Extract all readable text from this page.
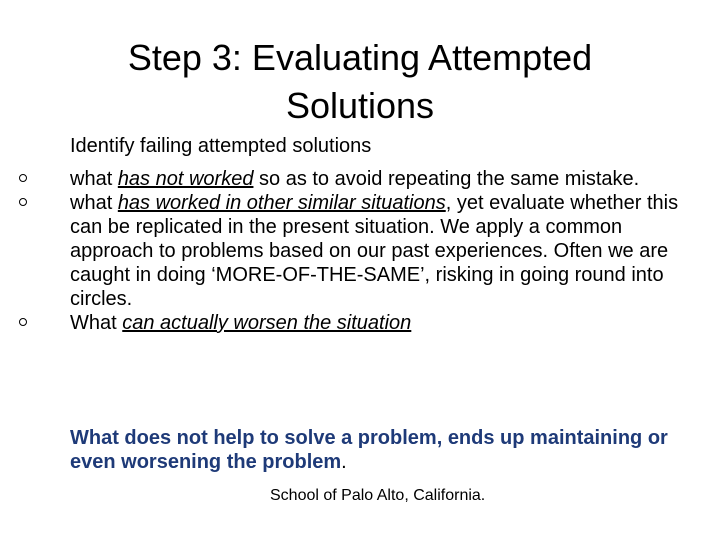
Step 3: Evaluating Attempted
Solutions
Identify failing attempted solutions
what has not worked so as to avoid repeating the same mistake.
what has worked in other similar situations, yet evaluate whether this can be replicated in the present situation. We apply a common approach to problems based on our past experiences. Often we are caught in doing ‘MORE-OF-THE-SAME’, risking in going round into circles.
What can actually worsen the situation
What does not help to solve a problem, ends up maintaining or even worsening the problem.
School of Palo Alto, California.
